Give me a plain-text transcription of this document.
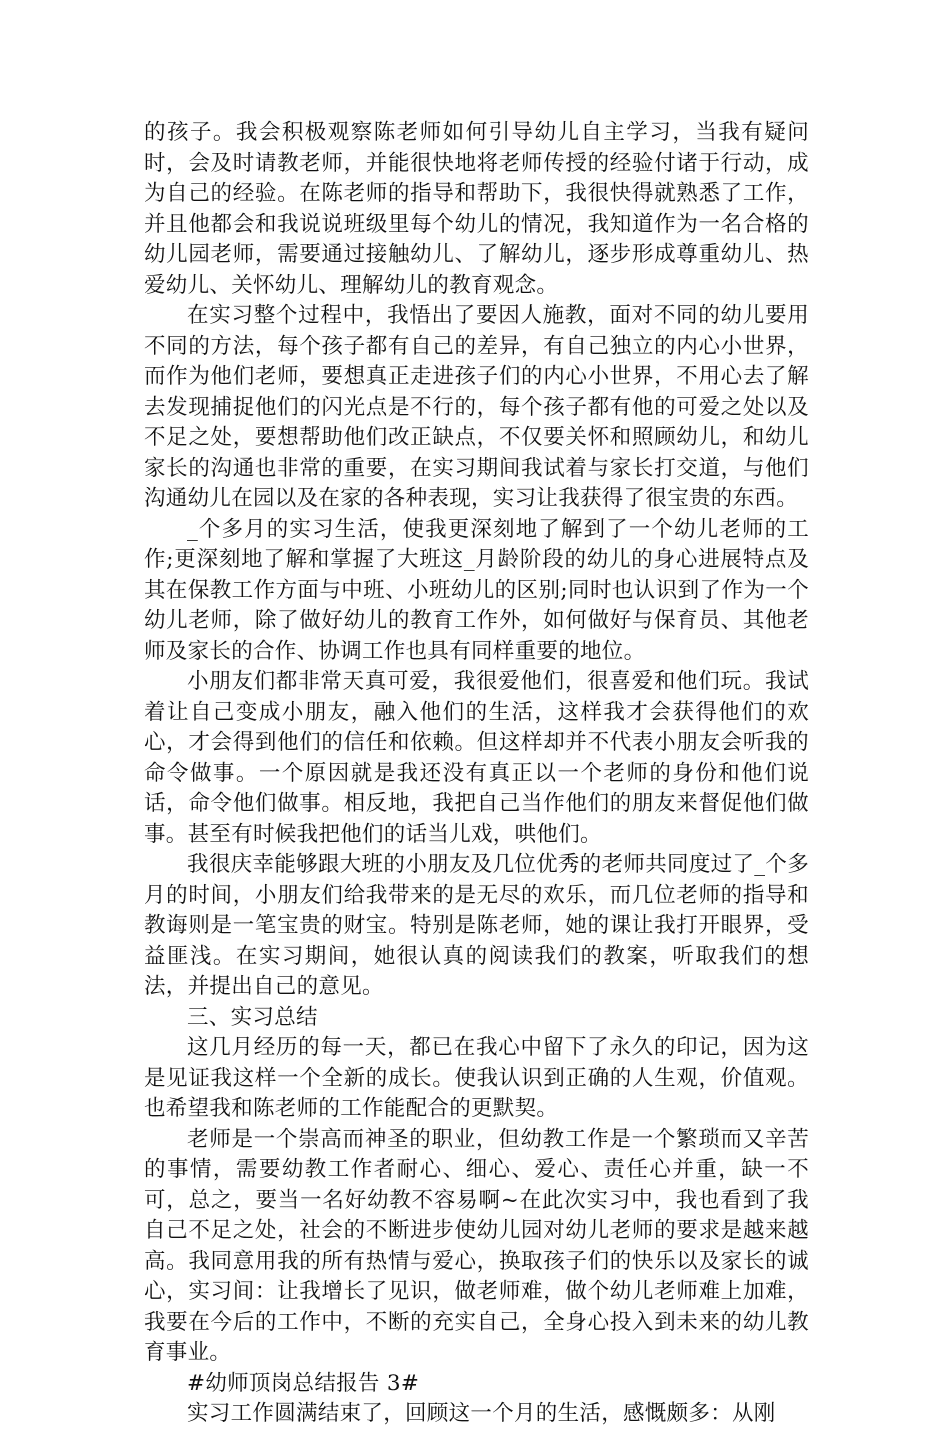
的孩子。我会积极观察陈老师如何引导幼儿自主学习，当我有疑问时，会及时请教老师，并能很快地将老师传授的经验付诸于行动，成为自己的经验。在陈老师的指导和帮助下，我很快得就熟悉了工作，并且他都会和我说说班级里每个幼儿的情况，我知道作为一名合格的幼儿园老师，需要通过接触幼儿、了解幼儿，逐步形成尊重幼儿、热爱幼儿、关怀幼儿、理解幼儿的教育观念。

在实习整个过程中，我悟出了要因人施教，面对不同的幼儿要用不同的方法，每个孩子都有自己的差异，有自己独立的内心小世界，而作为他们老师，要想真正走进孩子们的内心小世界，不用心去了解去发现捕捉他们的闪光点是不行的，每个孩子都有他的可爱之处以及不足之处，要想帮助他们改正缺点，不仅要关怀和照顾幼儿，和幼儿家长的沟通也非常的重要，在实习期间我试着与家长打交道，与他们沟通幼儿在园以及在家的各种表现，实习让我获得了很宝贵的东西。

_个多月的实习生活，使我更深刻地了解到了一个幼儿老师的工作;更深刻地了解和掌握了大班这_月龄阶段的幼儿的身心进展特点及其在保教工作方面与中班、小班幼儿的区别;同时也认识到了作为一个幼儿老师，除了做好幼儿的教育工作外，如何做好与保育员、其他老师及家长的合作、协调工作也具有同样重要的地位。

小朋友们都非常天真可爱，我很爱他们，很喜爱和他们玩。我试着让自己变成小朋友，融入他们的生活，这样我才会获得他们的欢心，才会得到他们的信任和依赖。但这样却并不代表小朋友会听我的命令做事。一个原因就是我还没有真正以一个老师的身份和他们说话，命令他们做事。相反地，我把自己当作他们的朋友来督促他们做事。甚至有时候我把他们的话当儿戏，哄他们。

我很庆幸能够跟大班的小朋友及几位优秀的老师共同度过了_个多月的时间，小朋友们给我带来的是无尽的欢乐，而几位老师的指导和教诲则是一笔宝贵的财宝。特别是陈老师，她的课让我打开眼界，受益匪浅。在实习期间，她很认真的阅读我们的教案，听取我们的想法，并提出自己的意见。

三、实习总结

这几月经历的每一天，都已在我心中留下了永久的印记，因为这是见证我这样一个全新的成长。使我认识到正确的人生观，价值观。也希望我和陈老师的工作能配合的更默契。

老师是一个崇高而神圣的职业，但幼教工作是一个繁琐而又辛苦的事情，需要幼教工作者耐心、细心、爱心、责任心并重，缺一不可，总之，要当一名好幼教不容易啊~在此次实习中，我也看到了我自己不足之处，社会的不断进步使幼儿园对幼儿老师的要求是越来越高。我同意用我的所有热情与爱心，换取孩子们的快乐以及家长的诚心，实习间：让我增长了见识，做老师难，做个幼儿老师难上加难，我要在今后的工作中，不断的充实自己，全身心投入到未来的幼儿教育事业。

#幼师顶岗总结报告 3#

实习工作圆满结束了，回顾这一个月的生活，感慨颇多：从刚
